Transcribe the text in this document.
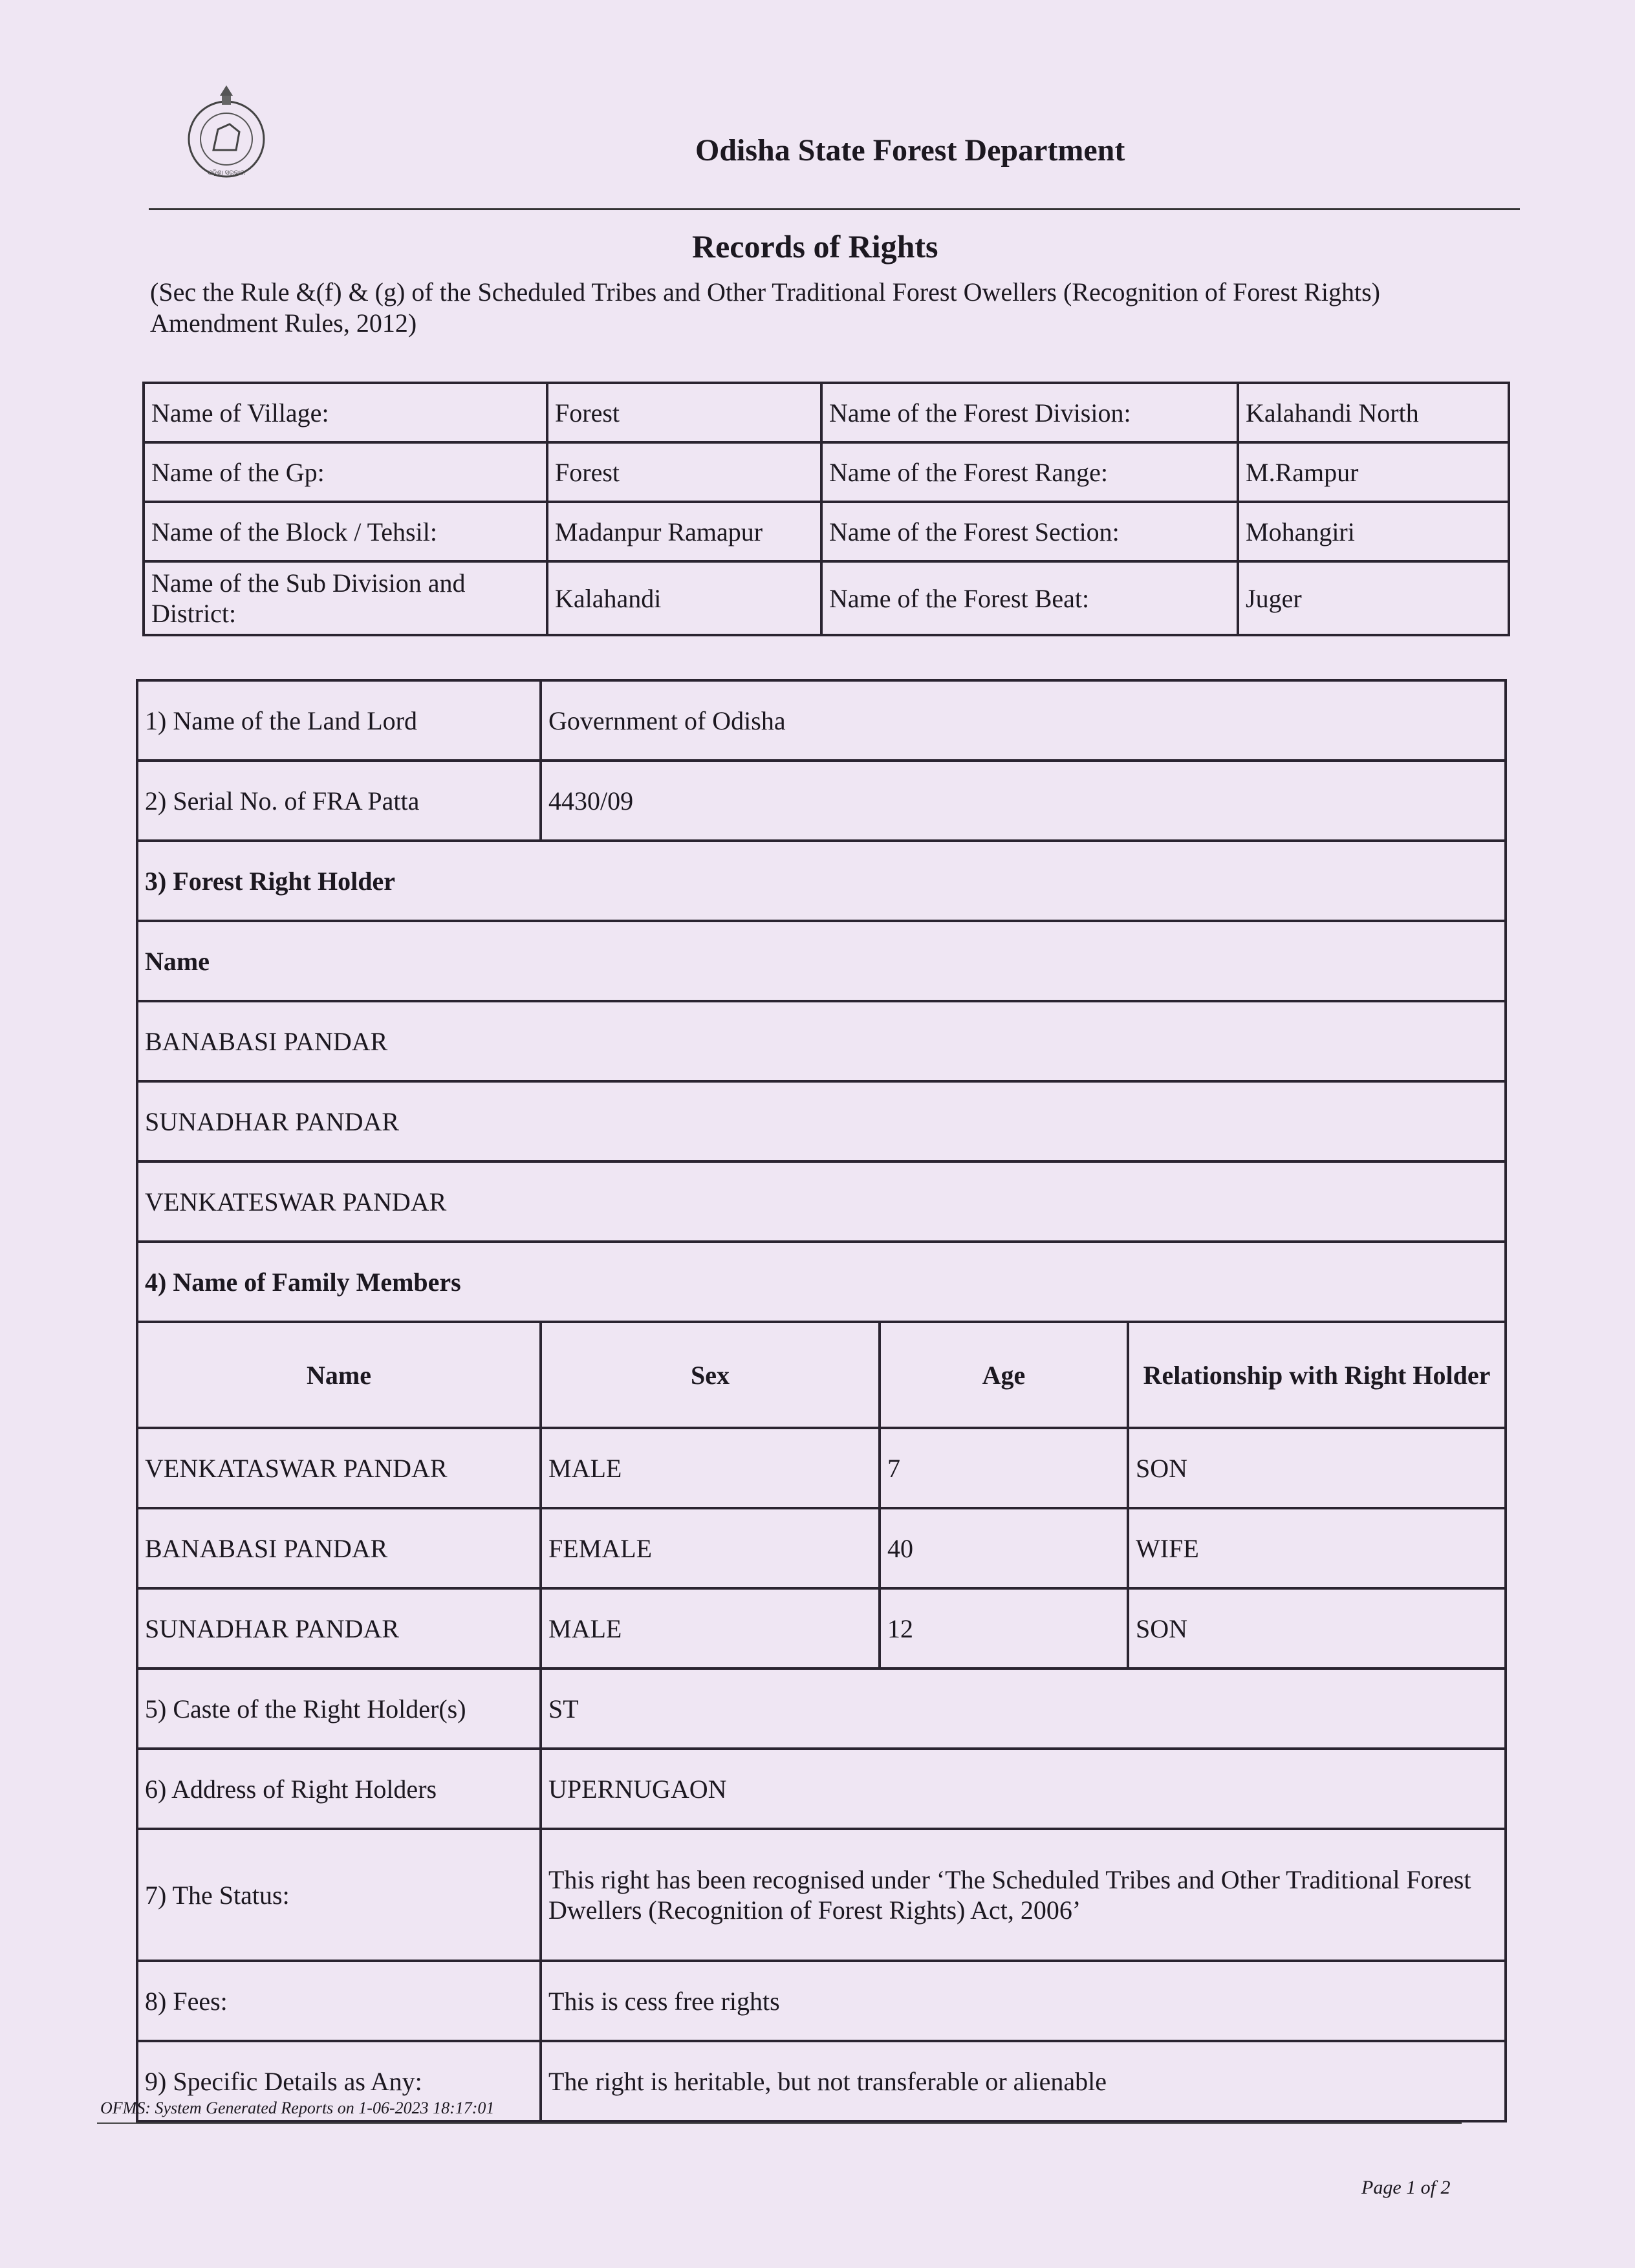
ଓଡ଼ିଶା ସରକାର
Odisha State Forest Department
Records of Rights
(Sec the Rule &(f) & (g) of the Scheduled Tribes and Other Traditional Forest Owellers (Recognition of Forest Rights) Amendment Rules, 2012)
Name of Village:	Forest	Name of the Forest Division:	Kalahandi North
Name of the Gp:	Forest	Name of the Forest Range:	M.Rampur
Name of the Block / Tehsil:	Madanpur Ramapur	Name of the Forest Section:	Mohangiri
Name of the Sub Division and District:	Kalahandi	Name of the Forest Beat:	Juger
1) Name of the Land Lord	Government of Odisha		
2) Serial No. of FRA Patta	4430/09		
3) Forest Right Holder			
Name			
BANABASI PANDAR			
SUNADHAR PANDAR			
VENKATESWAR PANDAR			
4) Name of Family Members			
Name	Sex	Age	Relationship with Right Holder
VENKATASWAR PANDAR	MALE	7	SON
BANABASI PANDAR	FEMALE	40	WIFE
SUNADHAR PANDAR	MALE	12	SON
5) Caste of the Right Holder(s)	ST		
6) Address of Right Holders	UPERNUGAON		
7) The Status:	This right has been recognised under ‘The Scheduled Tribes and Other Traditional Forest Dwellers (Recognition of Forest Rights) Act, 2006’		
8) Fees:	This is cess free rights		
9) Specific Details as Any:	The right is heritable, but not transferable or alienable		
OFMS: System Generated Reports on 1-06-2023 18:17:01
Page 1 of 2
